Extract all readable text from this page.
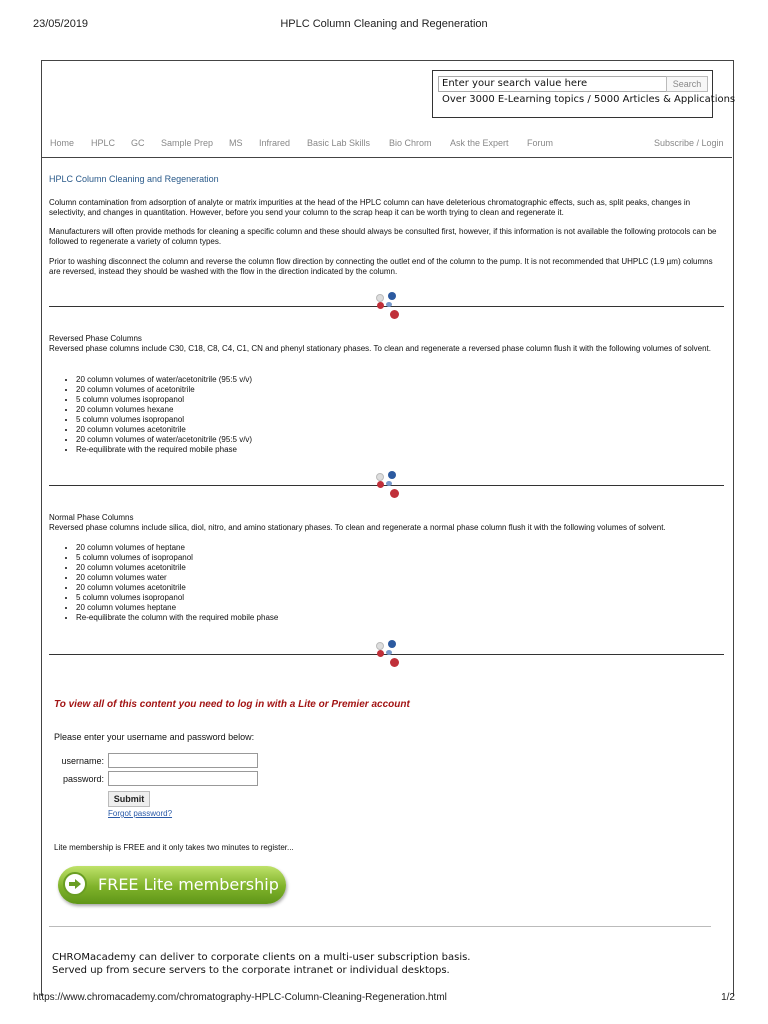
23/05/2019	HPLC Column Cleaning and Regeneration
Enter your search value here	Search
Over 3000 E-Learning topics / 5000 Articles & Applications
Home HPLC GC Sample Prep MS Infrared Basic Lab Skills Bio Chrom Ask the Expert Forum	Subscribe / Login
HPLC Column Cleaning and Regeneration
Column contamination from adsorption of analyte or matrix impurities at the head of the HPLC column can have deleterious chromatographic effects, such as, split peaks, changes in selectivity, and changes in quantitation. However, before you send your column to the scrap heap it can be worth trying to clean and regenerate it.
Manufacturers will often provide methods for cleaning a specific column and these should always be consulted first, however, if this information is not available the following protocols can be followed to regenerate a variety of column types.
Prior to washing disconnect the column and reverse the column flow direction by connecting the outlet end of the column to the pump. It is not recommended that UHPLC (1.9 µm) columns are reversed, instead they should be washed with the flow in the direction indicated by the column.
Reversed Phase Columns
Reversed phase columns include C30, C18, C8, C4, C1, CN and phenyl stationary phases. To clean and regenerate a reversed phase column flush it with the following volumes of solvent.
• 20 column volumes of water/acetonitrile (95:5 v/v)
• 20 column volumes of acetonitrile
• 5 column volumes isopropanol
• 20 column volumes hexane
• 5 column volumes isopropanol
• 20 column volumes acetonitrile
• 20 column volumes of water/acetonitrile (95:5 v/v)
• Re-equilibrate with the required mobile phase
Normal Phase Columns
Reversed phase columns include silica, diol, nitro, and amino stationary phases. To clean and regenerate a normal phase column flush it with the following volumes of solvent.
• 20 column volumes of heptane
• 5 column volumes of isopropanol
• 20 column volumes acetonitrile
• 20 column volumes water
• 20 column volumes acetonitrile
• 5 column volumes isopropanol
• 20 column volumes heptane
• Re-equilibrate the column with the required mobile phase
To view all of this content you need to log in with a Lite or Premier account
Please enter your username and password below:
username:
password:
Submit
Forgot password?
Lite membership is FREE and it only takes two minutes to register...
FREE Lite membership
CHROMacademy can deliver to corporate clients on a multi-user subscription basis.
Served up from secure servers to the corporate intranet or individual desktops.
https://www.chromacademy.com/chromatography-HPLC-Column-Cleaning-Regeneration.html	1/2
